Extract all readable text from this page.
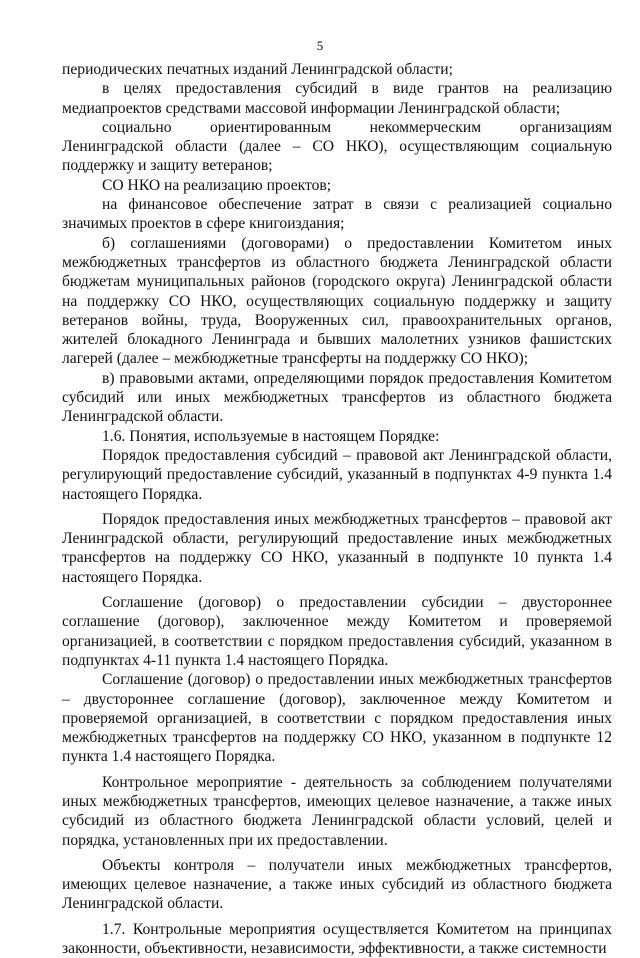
5

периодических печатных изданий Ленинградской области;

в целях предоставления субсидий в виде грантов на реализацию медиапроектов средствами массовой информации Ленинградской области;

социально ориентированным некоммерческим организациям Ленинградской области (далее – СО НКО), осуществляющим социальную поддержку и защиту ветеранов;

СО НКО на реализацию проектов;

на финансовое обеспечение затрат в связи с реализацией социально значимых проектов в сфере книгоиздания;

б) соглашениями (договорами) о предоставлении Комитетом иных межбюджетных трансфертов из областного бюджета Ленинградской области бюджетам муниципальных районов (городского округа) Ленинградской области на поддержку СО НКО, осуществляющих социальную поддержку и защиту ветеранов войны, труда, Вооруженных сил, правоохранительных органов, жителей блокадного Ленинграда и бывших малолетних узников фашистских лагерей (далее – межбюджетные трансферты на поддержку СО НКО);

в) правовыми актами, определяющими порядок предоставления Комитетом субсидий или иных межбюджетных трансфертов из областного бюджета Ленинградской области.

1.6. Понятия, используемые в настоящем Порядке:

Порядок предоставления субсидий – правовой акт Ленинградской области, регулирующий предоставление субсидий, указанный в подпунктах 4-9 пункта 1.4 настоящего Порядка.

Порядок предоставления иных межбюджетных трансфертов – правовой акт Ленинградской области, регулирующий предоставление иных межбюджетных трансфертов на поддержку СО НКО, указанный в подпункте 10 пункта 1.4 настоящего Порядка.

Соглашение (договор) о предоставлении субсидии – двустороннее соглашение (договор), заключенное между Комитетом и проверяемой организацией, в соответствии с порядком предоставления субсидий, указанном в подпунктах 4-11 пункта 1.4 настоящего Порядка.

Соглашение (договор) о предоставлении иных межбюджетных трансфертов – двустороннее соглашение (договор), заключенное между Комитетом и проверяемой организацией, в соответствии с порядком предоставления иных межбюджетных трансфертов на поддержку СО НКО, указанном в подпункте 12 пункта 1.4 настоящего Порядка.

Контрольное мероприятие - деятельность за соблюдением получателями иных межбюджетных трансфертов, имеющих целевое назначение, а также иных субсидий из областного бюджета Ленинградской области условий, целей и порядка, установленных при их предоставлении.

Объекты контроля – получатели иных межбюджетных трансфертов, имеющих целевое назначение, а также иных субсидий из областного бюджета Ленинградской области.

1.7. Контрольные мероприятия осуществляется Комитетом на принципах законности, объективности, независимости, эффективности, а также системности
